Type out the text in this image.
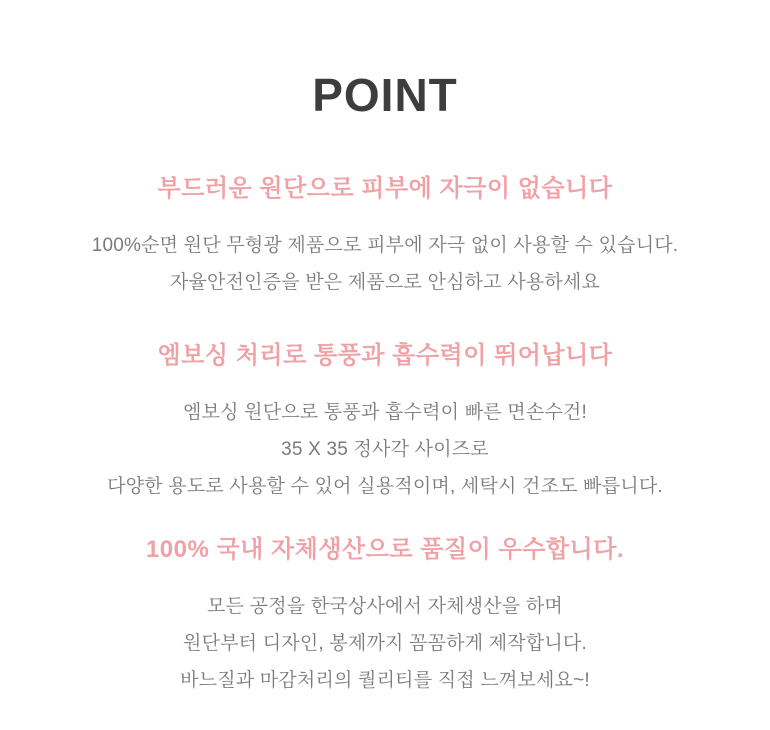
POINT
부드러운 원단으로 피부에 자극이 없습니다

100%순면 원단 무형광 제품으로 피부에 자극 없이 사용할 수 있습니다.

자율안전인증을 받은 제품으로 안심하고 사용하세요

엠보싱 처리로 통풍과 흡수력이 뛰어납니다

엠보싱 원단으로 통풍과 흡수력이 빠른 면손수건!

35 X 35 정사각 사이즈로

다양한 용도로 사용할 수 있어 실용적이며, 세탁시 건조도 빠릅니다.

100% 국내 자체생산으로 품질이 우수합니다.

모든 공정을 한국상사에서 자체생산을 하며

원단부터 디자인, 봉제까지 꼼꼼하게 제작합니다.

바느질과 마감처리의 퀄리티를 직접 느껴보세요~!
